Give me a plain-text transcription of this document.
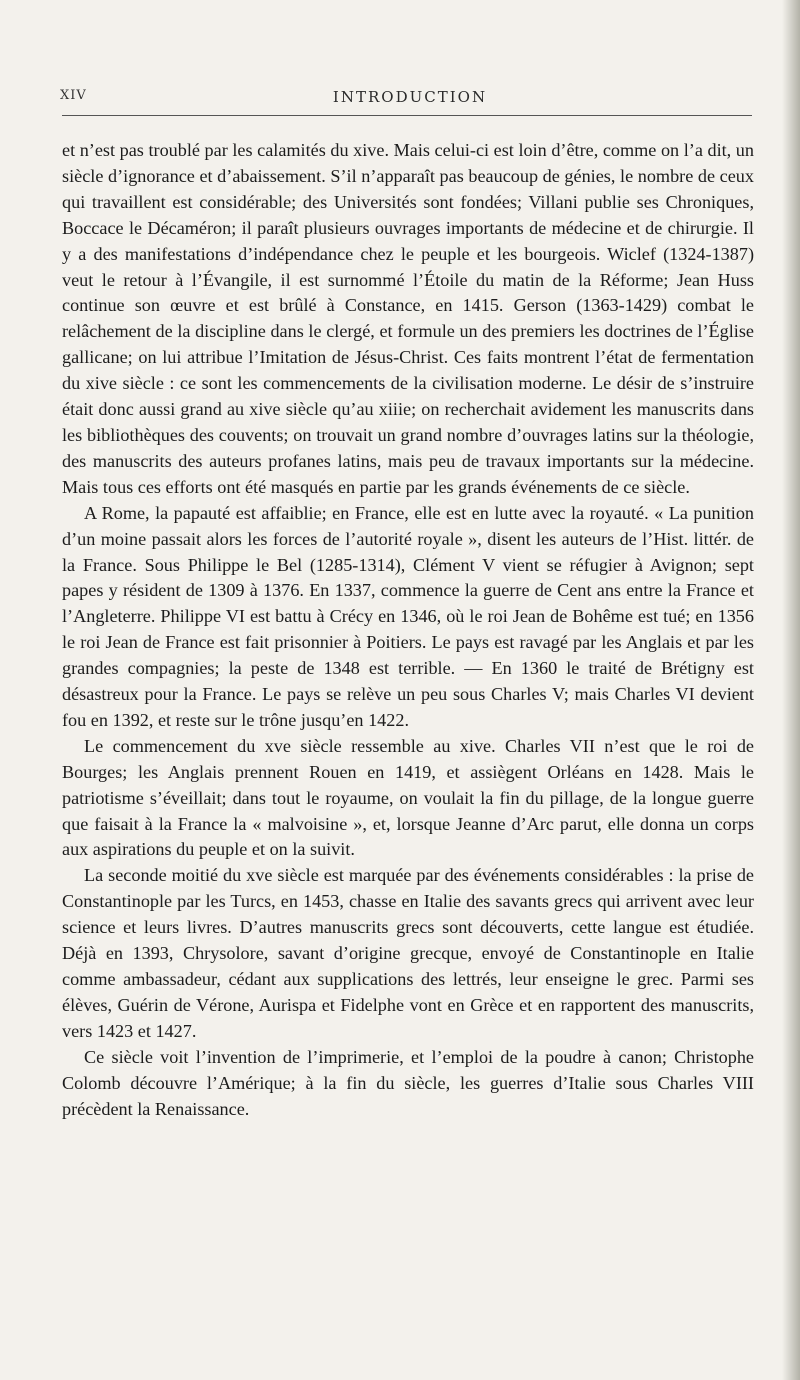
XIV	INTRODUCTION

et n’est pas troublé par les calamités du xive. Mais celui-ci est loin d’être, comme on l’a dit, un siècle d’ignorance et d’abaissement. S’il n’apparaît pas beaucoup de génies, le nombre de ceux qui travaillent est considérable; des Universités sont fondées; Villani publie ses Chroniques, Boccace le Décaméron; il paraît plusieurs ouvrages importants de médecine et de chirurgie. Il y a des manifestations d’indépendance chez le peuple et les bourgeois. Wiclef (1324-1387) veut le retour à l’Évangile, il est surnommé l’Étoile du matin de la Réforme; Jean Huss continue son œuvre et est brûlé à Constance, en 1415. Gerson (1363-1429) combat le relâchement de la discipline dans le clergé, et formule un des premiers les doctrines de l’Église gallicane; on lui attribue l’Imitation de Jésus-Christ. Ces faits montrent l’état de fermentation du xive siècle : ce sont les commencements de la civilisation moderne. Le désir de s’instruire était donc aussi grand au xive siècle qu’au xiiie; on recherchait avidement les manuscrits dans les bibliothèques des couvents; on trouvait un grand nombre d’ouvrages latins sur la théologie, des manuscrits des auteurs profanes latins, mais peu de travaux importants sur la médecine. Mais tous ces efforts ont été masqués en partie par les grands événements de ce siècle.

A Rome, la papauté est affaiblie; en France, elle est en lutte avec la royauté. « La punition d’un moine passait alors les forces de l’autorité royale », disent les auteurs de l’Hist. littér. de la France. Sous Philippe le Bel (1285-1314), Clément V vient se réfugier à Avignon; sept papes y résident de 1309 à 1376. En 1337, commence la guerre de Cent ans entre la France et l’Angleterre. Philippe VI est battu à Crécy en 1346, où le roi Jean de Bohême est tué; en 1356 le roi Jean de France est fait prisonnier à Poitiers. Le pays est ravagé par les Anglais et par les grandes compagnies; la peste de 1348 est terrible. — En 1360 le traité de Brétigny est désastreux pour la France. Le pays se relève un peu sous Charles V; mais Charles VI devient fou en 1392, et reste sur le trône jusqu’en 1422.

Le commencement du xve siècle ressemble au xive. Charles VII n’est que le roi de Bourges; les Anglais prennent Rouen en 1419, et assiègent Orléans en 1428. Mais le patriotisme s’éveillait; dans tout le royaume, on voulait la fin du pillage, de la longue guerre que faisait à la France la « malvoisine », et, lorsque Jeanne d’Arc parut, elle donna un corps aux aspirations du peuple et on la suivit.

La seconde moitié du xve siècle est marquée par des événements considérables : la prise de Constantinople par les Turcs, en 1453, chasse en Italie des savants grecs qui arrivent avec leur science et leurs livres. D’autres manuscrits grecs sont découverts, cette langue est étudiée. Déjà en 1393, Chrysolore, savant d’origine grecque, envoyé de Constantinople en Italie comme ambassadeur, cédant aux supplications des lettrés, leur enseigne le grec. Parmi ses élèves, Guérin de Vérone, Aurispa et Fidelphe vont en Grèce et en rapportent des manuscrits, vers 1423 et 1427.

Ce siècle voit l’invention de l’imprimerie, et l’emploi de la poudre à canon; Christophe Colomb découvre l’Amérique; à la fin du siècle, les guerres d’Italie sous Charles VIII précèdent la Renaissance.
